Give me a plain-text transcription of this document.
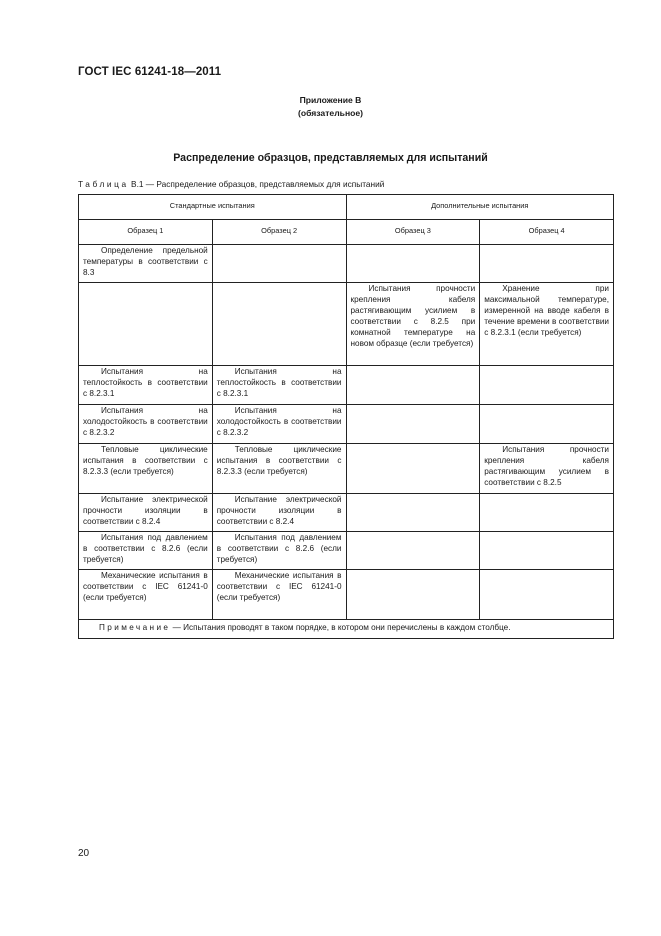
ГОСТ IEC 61241-18—2011
Приложение В
(обязательное)
Распределение образцов, представляемых для испытаний
Таблица В.1 — Распределение образцов, представляемых для испытаний
Стандартные испытания		Дополнительные испытания	
Образец 1	Образец 2	Образец 3	Образец 4
Определение предельной температуры в соответствии с 8.3			
		Испытания прочности крепления кабеля растягивающим усилием в соответствии с 8.2.5 при комнатной температуре на новом образце (если требуется)	Хранение при максимальной температуре, измеренной на вводе кабеля в течение времени в соответствии с 8.2.3.1 (если требуется)
Испытания на теплостойкость в соответствии с 8.2.3.1	Испытания на теплостойкость в соответствии с 8.2.3.1		
Испытания на холодостойкость в соответствии с 8.2.3.2	Испытания на холодостойкость в соответствии с 8.2.3.2		
Тепловые циклические испытания в соответствии с 8.2.3.3 (если требуется)	Тепловые циклические испытания в соответствии с 8.2.3.3 (если требуется)		Испытания прочности крепления кабеля растягивающим усилием в соответствии с 8.2.5
Испытание электрической прочности изоляции в соответствии с 8.2.4	Испытание электрической прочности изоляции в соответствии с 8.2.4		
Испытания под давлением в соответствии с 8.2.6 (если требуется)	Испытания под давлением в соответствии с 8.2.6 (если требуется)		
Механические испытания в соответствии с IEC 61241-0 (если требуется)	Механические испытания в соответствии с IEC 61241-0 (если требуется)		
Примечание — Испытания проводят в таком порядке, в котором они перечислены в каждом столбце.			
20
